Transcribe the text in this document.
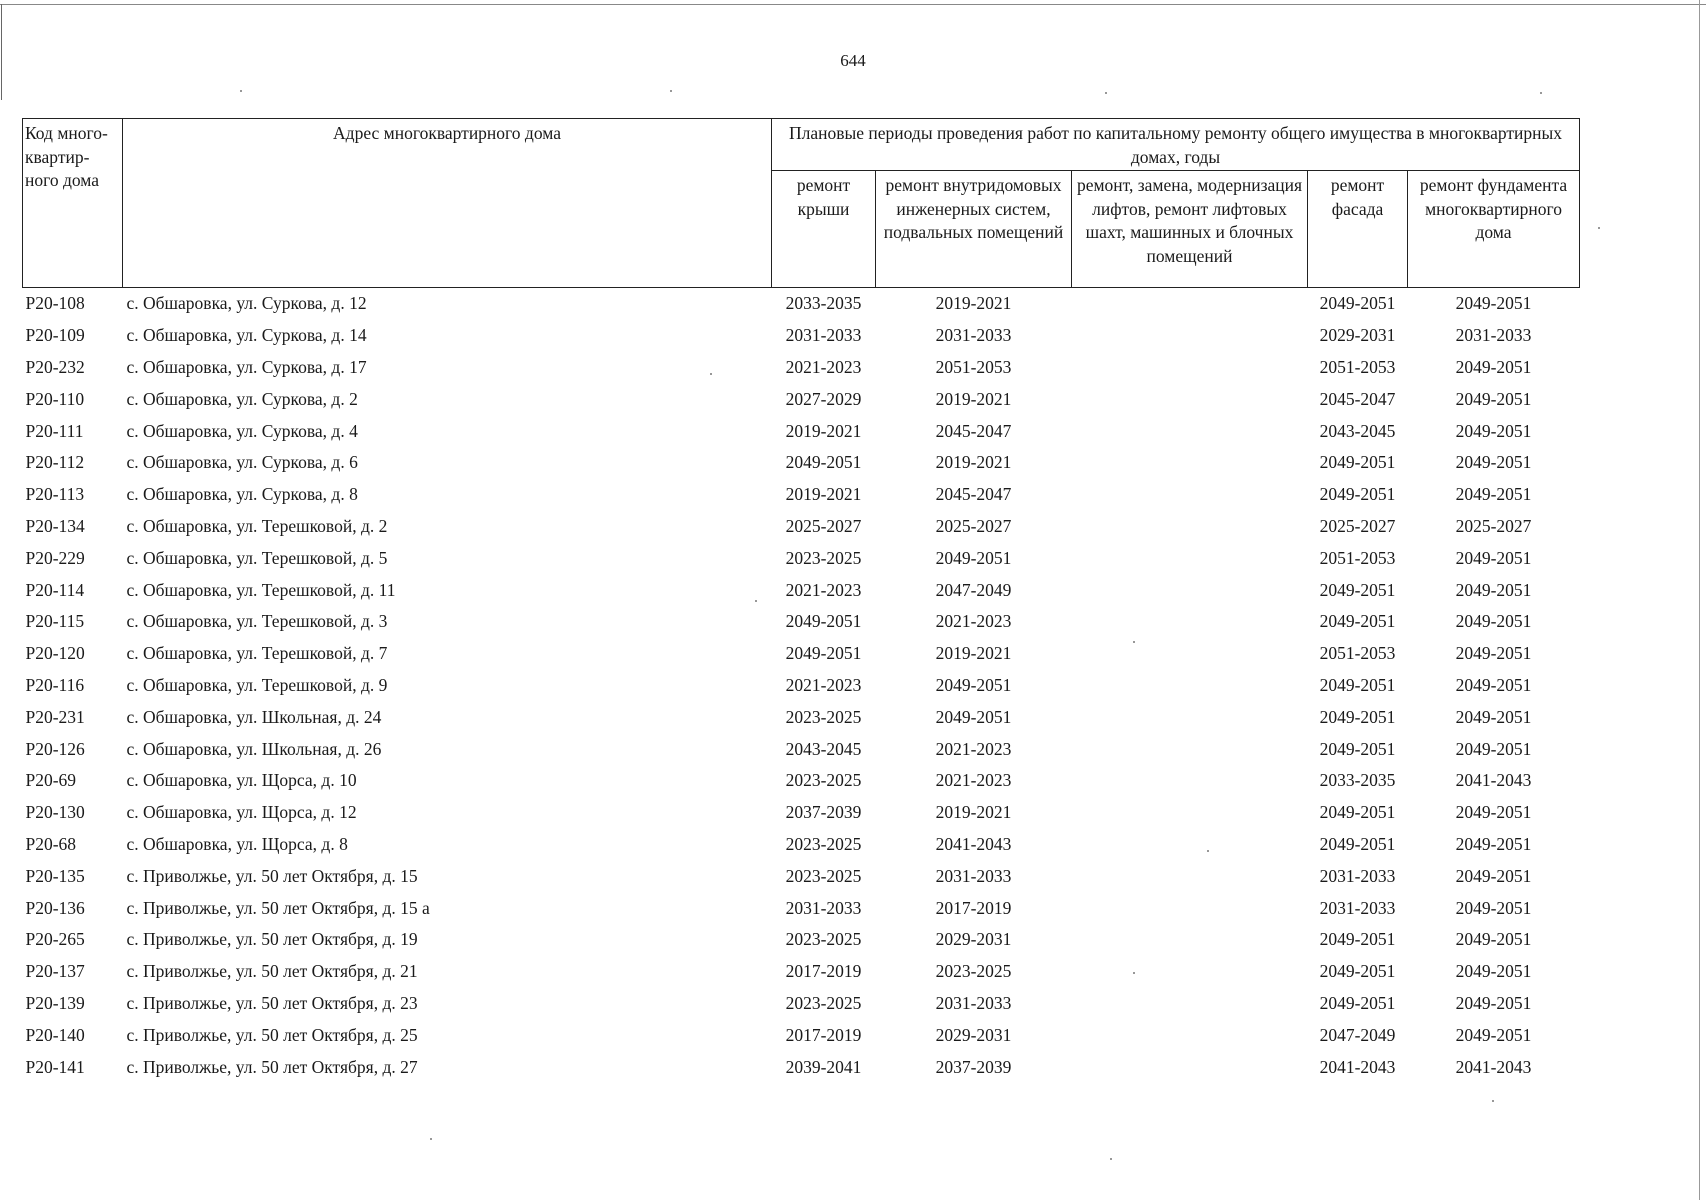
644
Код много-квартир-ного дома	Адрес многоквартирного дома	Плановые периоды проведения работ по капитальному ремонту общего имущества в многоквартирных домах, годы				
		ремонт крыши	ремонт внутридомовых инженерных систем, подвальных помещений	ремонт, замена, модернизация лифтов, ремонт лифтовых шахт, машинных и блочных помещений	ремонт фасада	ремонт фундамента многоквартирного дома
Р20-108	с. Обшаровка, ул. Суркова, д. 12	2033-2035	2019-2021		2049-2051	2049-2051
Р20-109	с. Обшаровка, ул. Суркова, д. 14	2031-2033	2031-2033		2029-2031	2031-2033
Р20-232	с. Обшаровка, ул. Суркова, д. 17	2021-2023	2051-2053		2051-2053	2049-2051
Р20-110	с. Обшаровка, ул. Суркова, д. 2	2027-2029	2019-2021		2045-2047	2049-2051
Р20-111	с. Обшаровка, ул. Суркова, д. 4	2019-2021	2045-2047		2043-2045	2049-2051
Р20-112	с. Обшаровка, ул. Суркова, д. 6	2049-2051	2019-2021		2049-2051	2049-2051
Р20-113	с. Обшаровка, ул. Суркова, д. 8	2019-2021	2045-2047		2049-2051	2049-2051
Р20-134	с. Обшаровка, ул. Терешковой, д. 2	2025-2027	2025-2027		2025-2027	2025-2027
Р20-229	с. Обшаровка, ул. Терешковой, д. 5	2023-2025	2049-2051		2051-2053	2049-2051
Р20-114	с. Обшаровка, ул. Терешковой, д. 11	2021-2023	2047-2049		2049-2051	2049-2051
Р20-115	с. Обшаровка, ул. Терешковой, д. 3	2049-2051	2021-2023		2049-2051	2049-2051
Р20-120	с. Обшаровка, ул. Терешковой, д. 7	2049-2051	2019-2021		2051-2053	2049-2051
Р20-116	с. Обшаровка, ул. Терешковой, д. 9	2021-2023	2049-2051		2049-2051	2049-2051
Р20-231	с. Обшаровка, ул. Школьная, д. 24	2023-2025	2049-2051		2049-2051	2049-2051
Р20-126	с. Обшаровка, ул. Школьная, д. 26	2043-2045	2021-2023		2049-2051	2049-2051
Р20-69	с. Обшаровка, ул. Щорса, д. 10	2023-2025	2021-2023		2033-2035	2041-2043
Р20-130	с. Обшаровка, ул. Щорса, д. 12	2037-2039	2019-2021		2049-2051	2049-2051
Р20-68	с. Обшаровка, ул. Щорса, д. 8	2023-2025	2041-2043		2049-2051	2049-2051
Р20-135	с. Приволжье, ул. 50 лет Октября, д. 15	2023-2025	2031-2033		2031-2033	2049-2051
Р20-136	с. Приволжье, ул. 50 лет Октября, д. 15 а	2031-2033	2017-2019		2031-2033	2049-2051
Р20-265	с. Приволжье, ул. 50 лет Октября, д. 19	2023-2025	2029-2031		2049-2051	2049-2051
Р20-137	с. Приволжье, ул. 50 лет Октября, д. 21	2017-2019	2023-2025		2049-2051	2049-2051
Р20-139	с. Приволжье, ул. 50 лет Октября, д. 23	2023-2025	2031-2033		2049-2051	2049-2051
Р20-140	с. Приволжье, ул. 50 лет Октября, д. 25	2017-2019	2029-2031		2047-2049	2049-2051
Р20-141	с. Приволжье, ул. 50 лет Октября, д. 27	2039-2041	2037-2039		2041-2043	2041-2043
